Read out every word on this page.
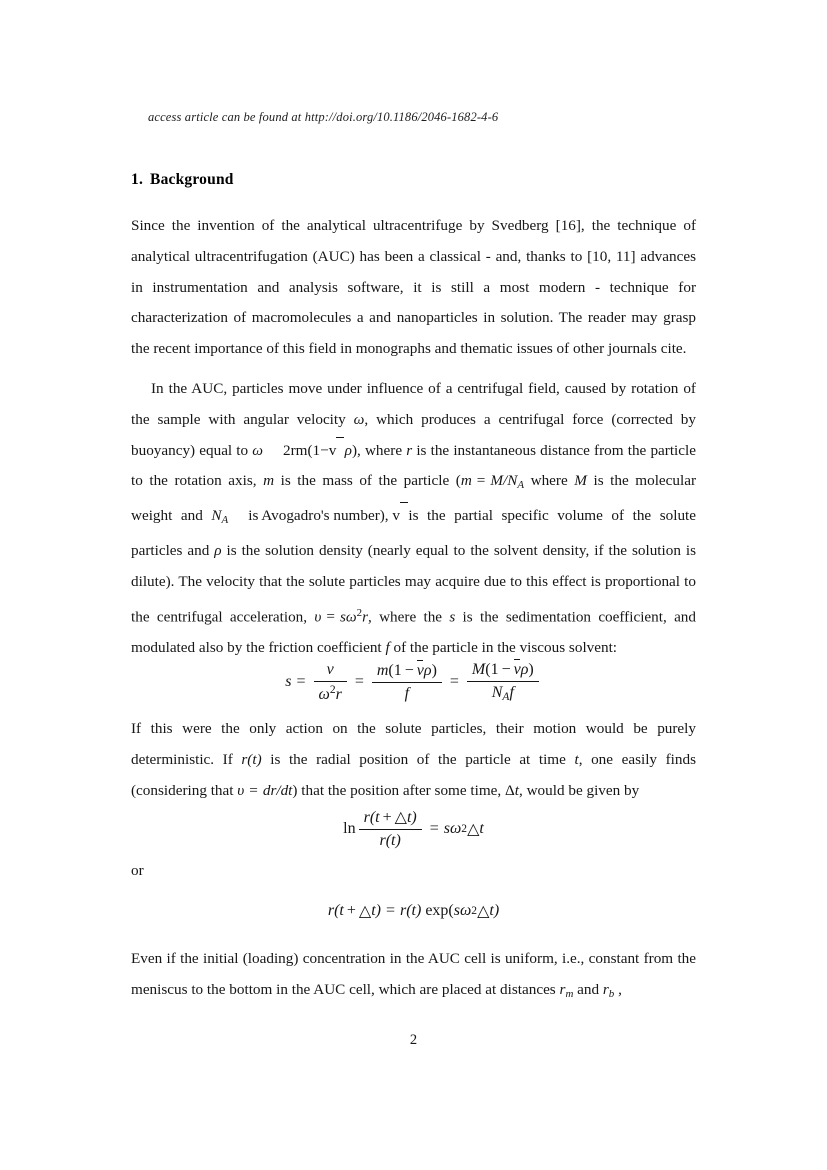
access article can be found at http://doi.org/10.1186/2046-1682-4-6
1. Background
Since the invention of the analytical ultracentrifuge by Svedberg [16], the technique of analytical ultracentrifugation (AUC) has been a classical - and, thanks to [10, 11] advances in instrumentation and analysis software, it is still a most modern - technique for characterization of macromolecules a and nanoparticles in solution. The reader may grasp the recent importance of this field in monographs and thematic issues of other journals cite.
In the AUC, particles move under influence of a centrifugal field, caused by rotation of the sample with angular velocity ω, which produces a centrifugal force (corrected by buoyancy) equal to ω 2rm(1−v ρ), where r is the instantaneous distance from the particle to the rotation axis, m is the mass of the particle ($m = M/N_A$ where M is the molecular weight and $N_Ais$ Avogadro's number), v is the partial specific volume of the solute particles and ρ is the solution density (nearly equal to the solvent density, if the solution is dilute). The velocity that the solute particles may acquire due to this effect is proportional to the centrifugal acceleration, $\upsilon = s\omega^2r$, where the s is the sedimentation coefficient, and modulated also by the friction coefficient f of the particle in the viscous solvent:
$s = \frac{\nu}{\omega^2r} = \frac{m(1 - \nu\rho)}{f} = \frac{M(1 - \nu\rho)}{N_Af}$
If this were the only action on the solute particles, their motion would be purely deterministic. If r(t) is the radial position of the particle at time t, one easily finds (considering that υ = dr/dt) that the position after some time, Δt, would be given by
$\ln \frac{r(t + \triangle t)}{r(t)} = s$ ω 2 △ t
or
r(t + △ t) = r(t) exp( s ω 2 △ t)
Even if the initial (loading) concentration in the AUC cell is uniform, i.e., constant from the meniscus to the bottom in the AUC cell, which are placed at distances $r_m$ and $r_b$ ,
2
